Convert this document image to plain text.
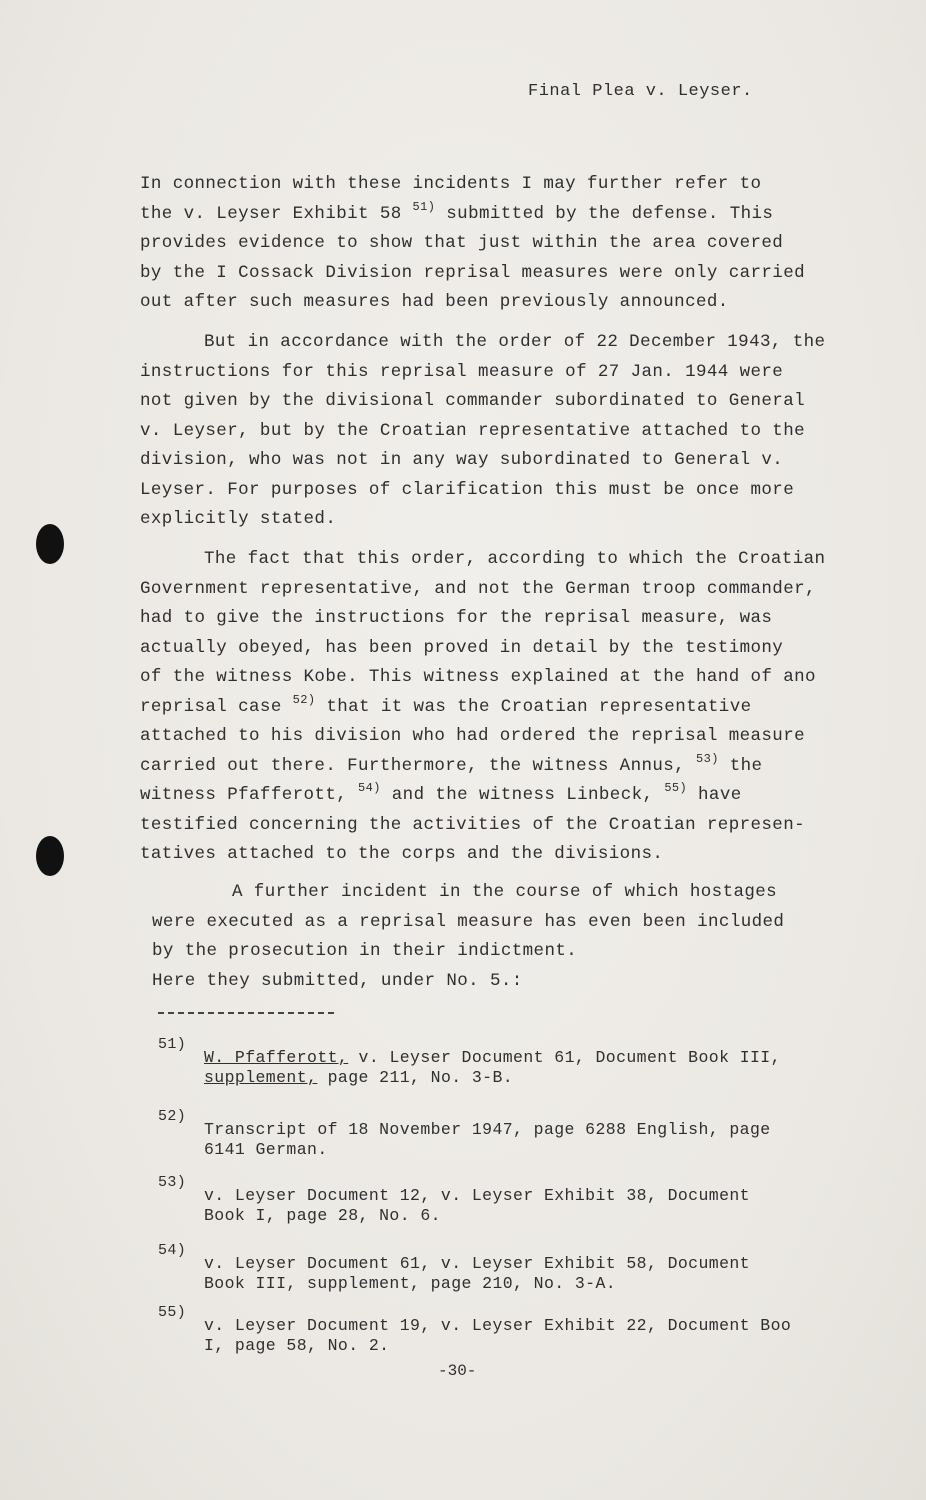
Final Plea v. Leyser.
In connection with these incidents I may further refer to
the v. Leyser Exhibit 58 $^{51)}$ submitted by the defense. This
provides evidence to show that just within the area covered
by the I Cossack Division reprisal measures were only carried
out after such measures had been previously announced.
But in accordance with the order of 22 December 1943, the
instructions for this reprisal measure of 27 Jan. 1944 were
not given by the divisional commander subordinated to General
v. Leyser, but by the Croatian representative attached to the
division, who was not in any way subordinated to General v.
Leyser. For purposes of clarification this must be once more
explicitly stated.
The fact that this order, according to which the Croatian
Government representative, and not the German troop commander,
had to give the instructions for the reprisal measure, was
actually obeyed, has been proved in detail by the testimony
of the witness Kobe. This witness explained at the hand of ano
reprisal case $^{52)}$ that it was the Croatian representative
attached to his division who had ordered the reprisal measure
carried out there. Furthermore, the witness Annus, $^{53)}$ the
witness Pfafferott, $^{54)}$ and the witness Linbeck, $^{55)}$ have
testified concerning the activities of the Croatian represen-
tatives attached to the corps and the divisions.
A further incident in the course of which hostages
were executed as a reprisal measure has even been included
by the prosecution in their indictment.
Here they submitted, under No. 5.:
51)
W. Pfafferott, v. Leyser Document 61, Document Book III,
supplement, page 211, No. 3-B.
52)
Transcript of 18 November 1947, page 6288 English, page
6141 German.
53)
v. Leyser Document 12, v. Leyser Exhibit 38, Document
Book I, page 28, No. 6.
54)
v. Leyser Document 61, v. Leyser Exhibit 58, Document
Book III, supplement, page 210, No. 3-A.
55)
v. Leyser Document 19, v. Leyser Exhibit 22, Document Boo
I, page 58, No. 2.
-30-
